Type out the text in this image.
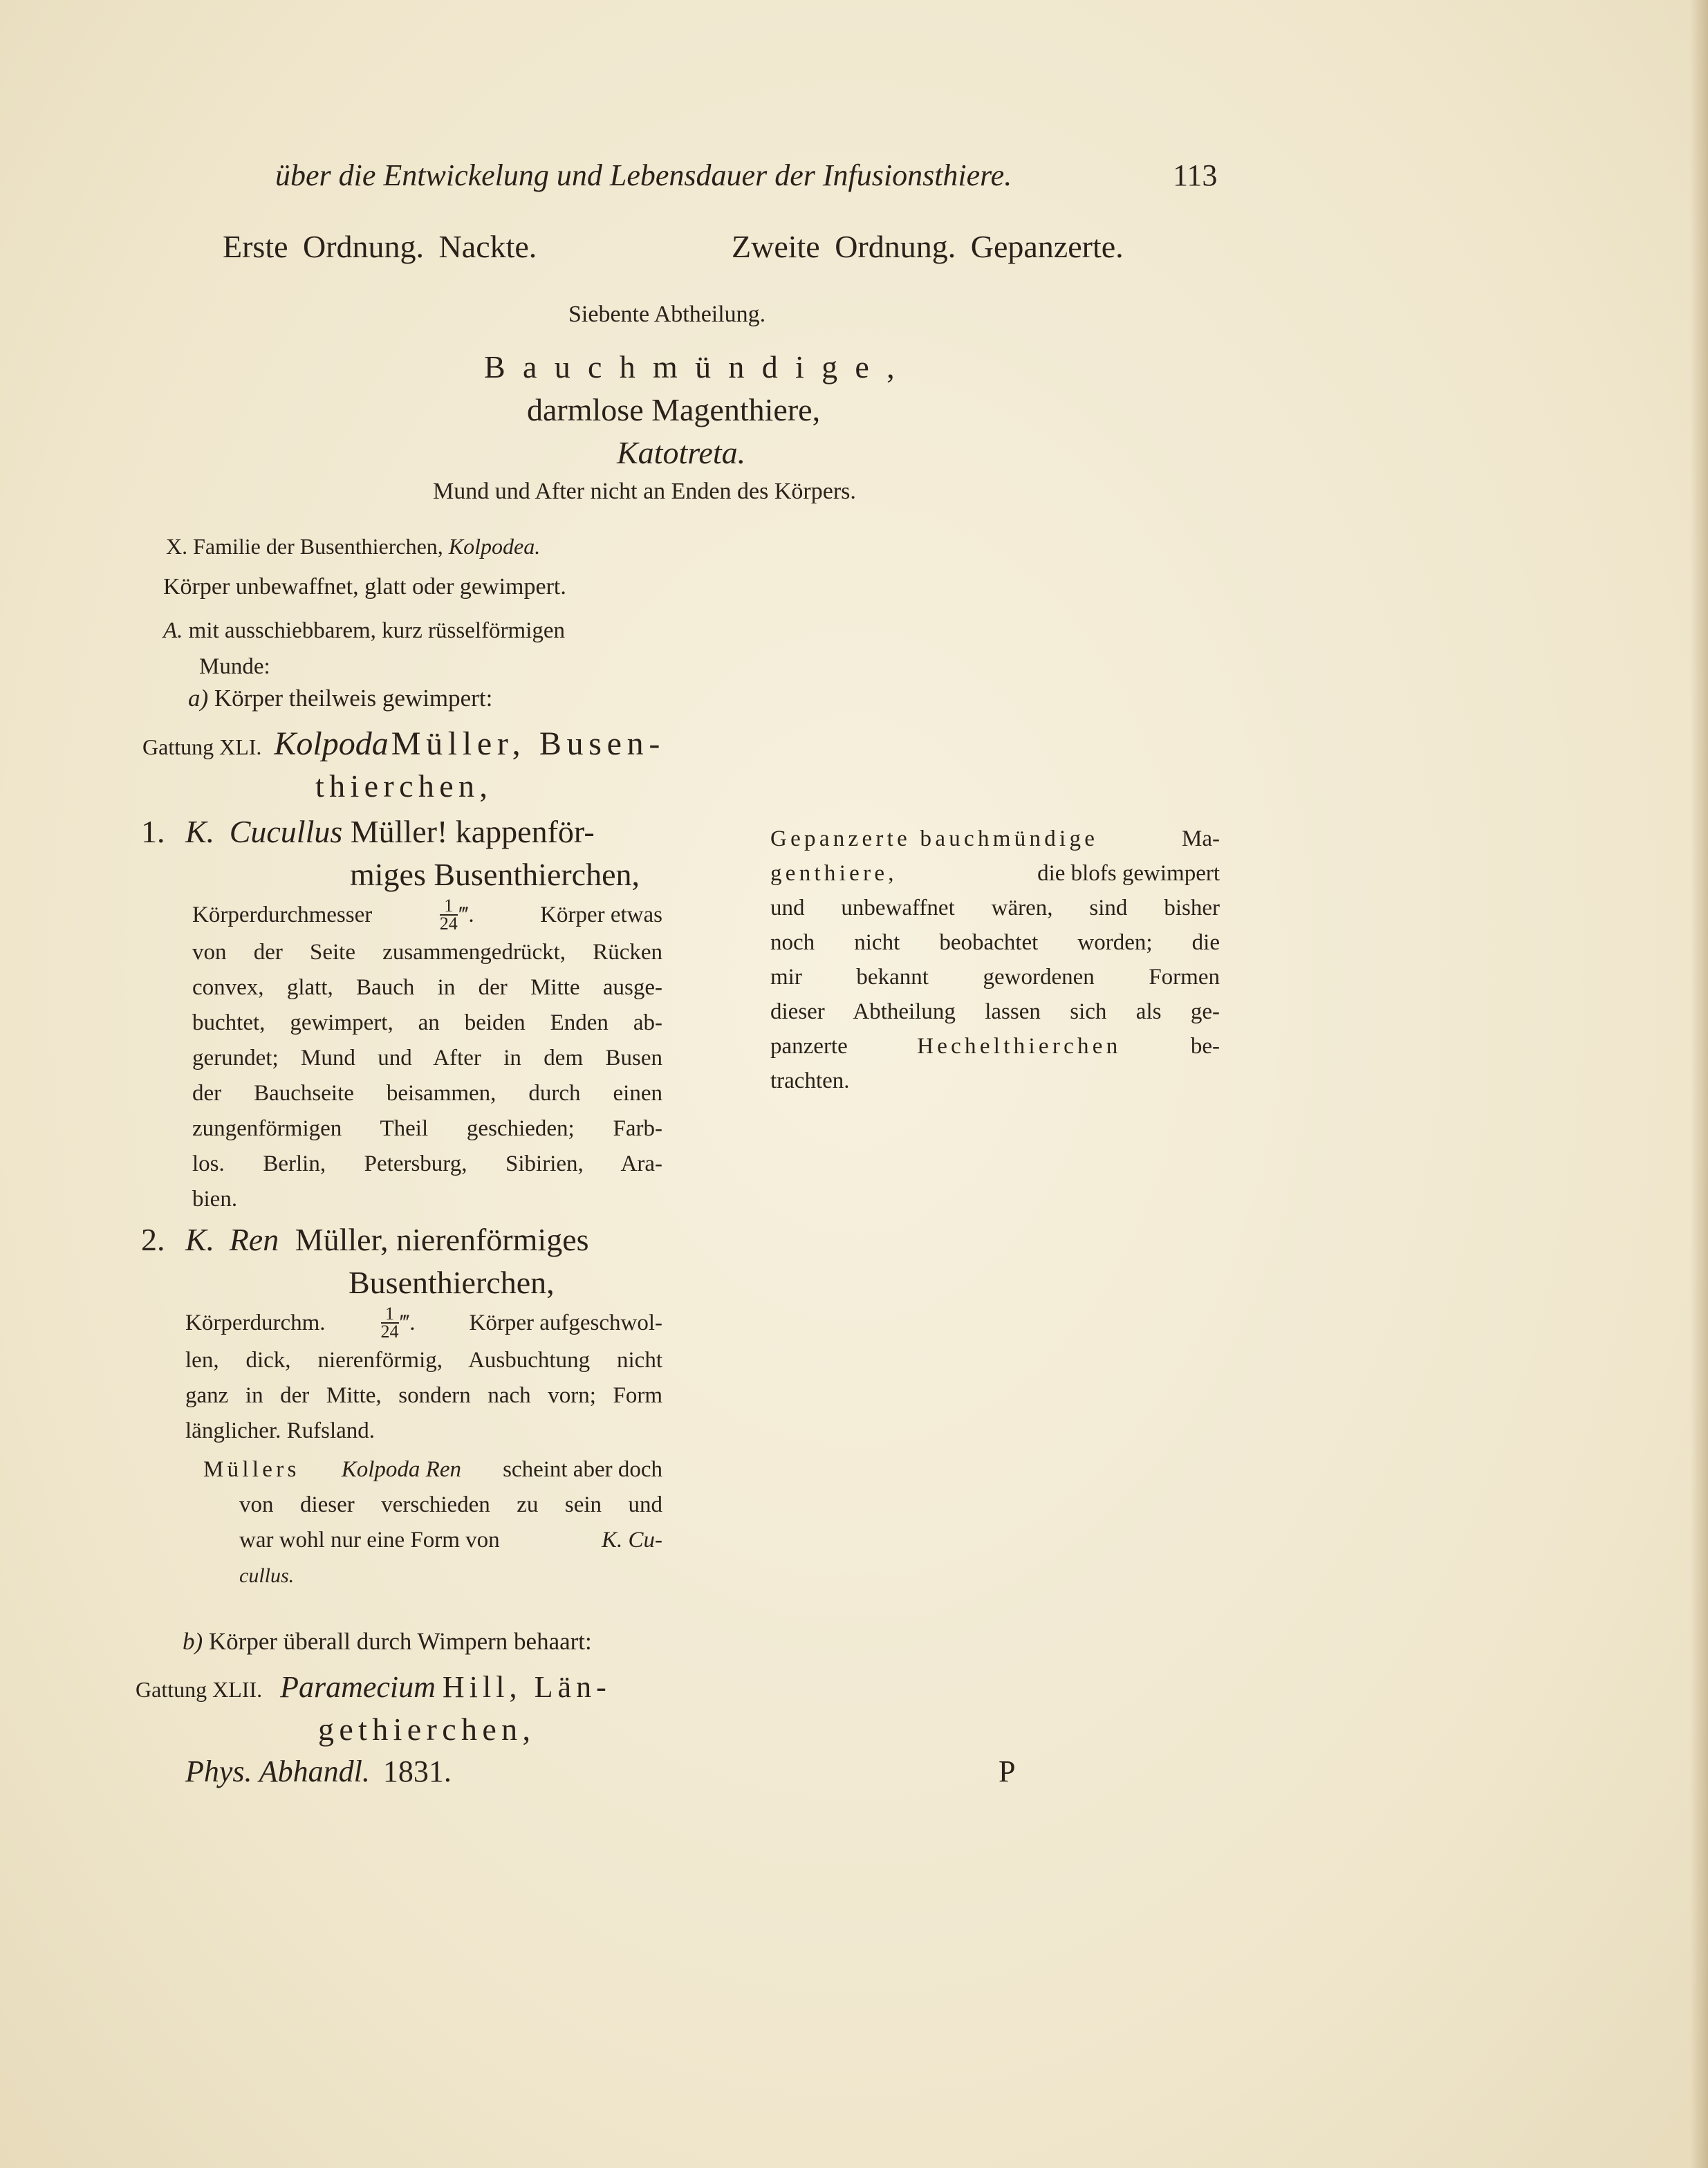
über die Entwickelung und Lebensdauer der Infusionsthiere.	113
Erste Ordnung. Nackte.	Zweite Ordnung. Gepanzerte.
Siebente Abtheilung.
Bauchmündige,
darmlose Magenthiere,
Katotreta.
Mund und After nicht an Enden des Körpers.
X. Familie der Busenthierchen, Kolpodea.
Körper unbewaffnet, glatt oder gewimpert.
A. mit ausschiebbarem, kurz rüsselförmigen
Munde:
a) Körper theilweis gewimpert:
Gattung XLI. Kolpoda Müller, Busen-
thierchen,
1. K. Cucullus Müller! kappenför-
miges Busenthierchen,
Körperdurchmesser	$\frac{1}{24}$ ‴.	Körper etwas
von der Seite zusammengedrückt, Rücken
convex, glatt, Bauch in der Mitte ausge-
buchtet, gewimpert, an beiden Enden ab-
gerundet; Mund und After in dem Busen
der Bauchseite beisammen, durch einen
zungenförmigen Theil geschieden; Farb-
los. Berlin, Petersburg, Sibirien, Ara-
bien.
2. K. Ren Müller, nierenförmiges
Busenthierchen,
Körperdurchm.	$\frac{1}{24}$ ‴. Körper aufgeschwol-
len, dick, nierenförmig, Ausbuchtung nicht
ganz in der Mitte, sondern nach vorn; Form
länglicher. Rufsland.
Müllers Kolpoda Ren scheint aber doch
von dieser verschieden zu sein und
war wohl nur eine Form von	K. Cu-
cullus.
b) Körper überall durch Wimpern behaart:
Gattung XLII. Paramecium Hill, Län-
gethierchen,
Gepanzerte bauchmündige	Ma-
genthiere,	die blofs gewimpert
und unbewaffnet wären, sind bisher
noch nicht beobachtet worden; die
mir bekannt gewordenen Formen
dieser Abtheilung lassen sich als ge-
panzerte	Hechelthierchen	be-
trachten.
Phys. Abhandl. 1831.	P
